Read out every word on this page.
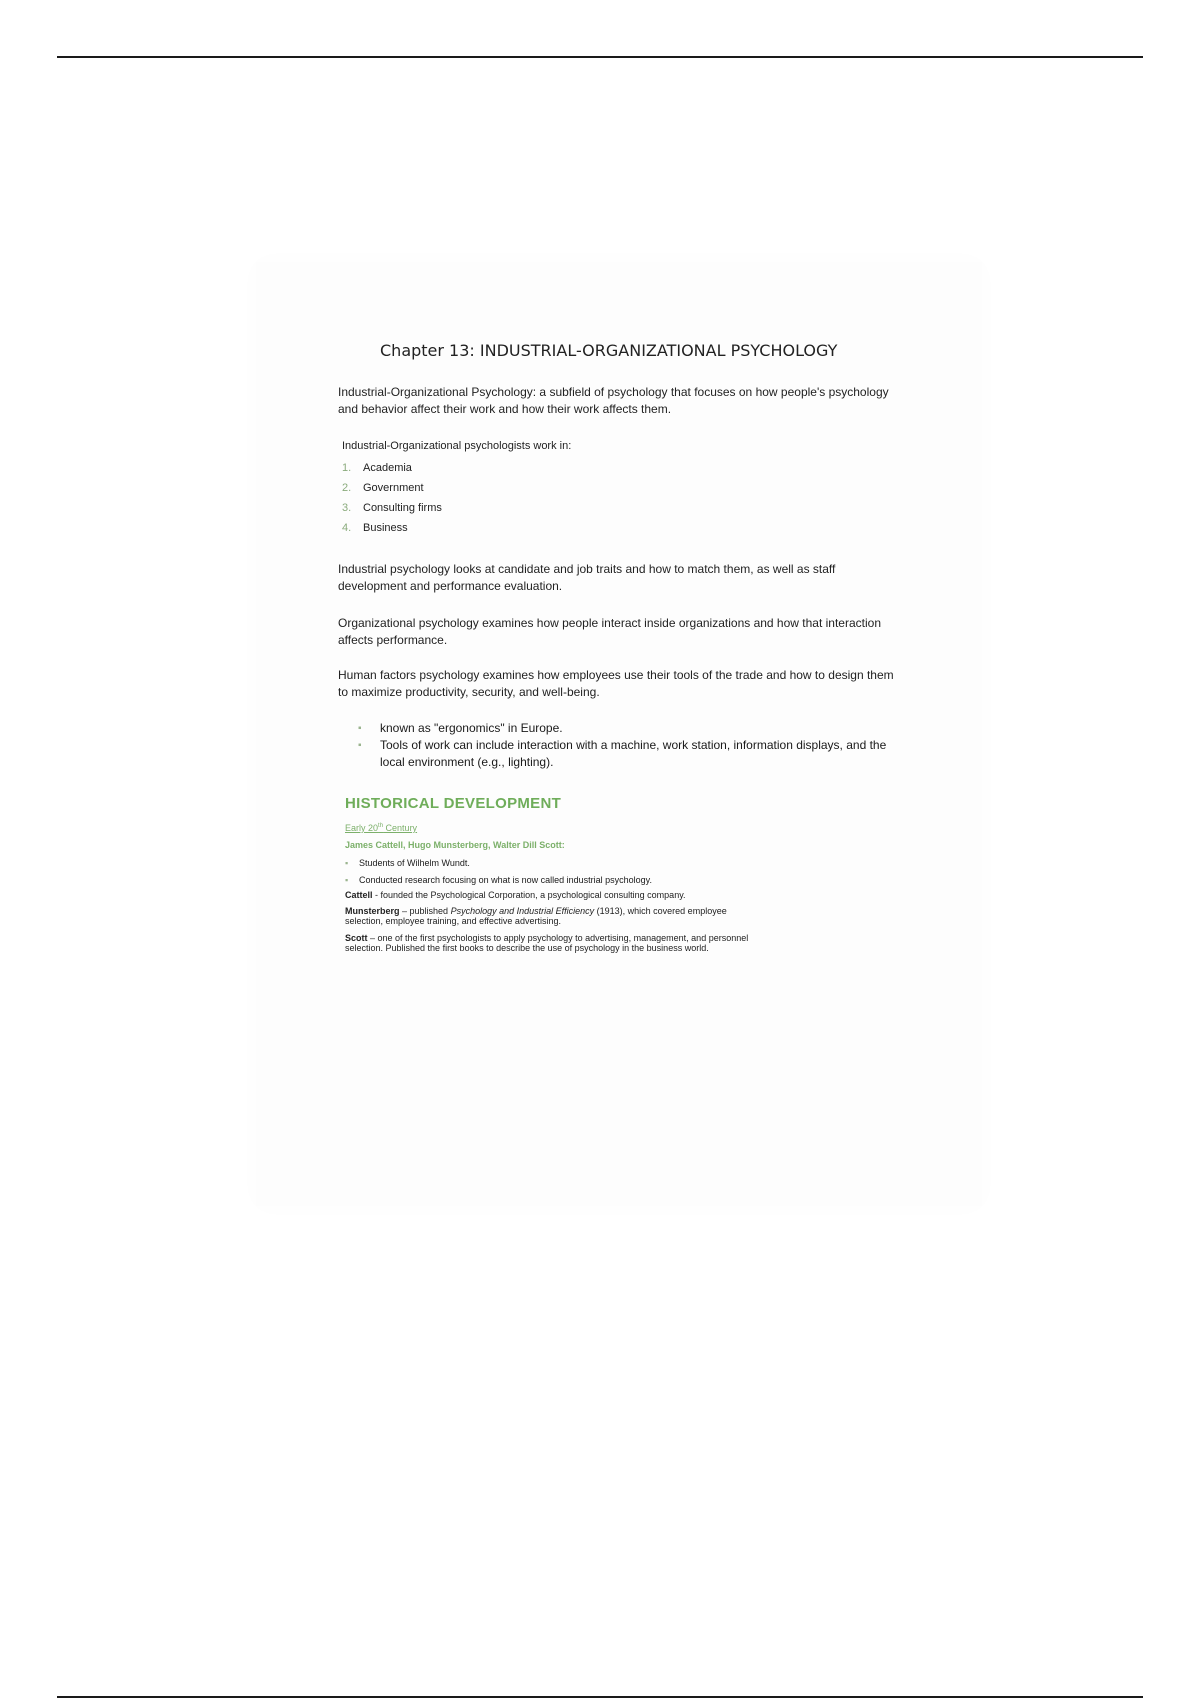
Chapter 13: INDUSTRIAL-ORGANIZATIONAL PSYCHOLOGY

Industrial-Organizational Psychology: a subfield of psychology that focuses on how people's psychology and behavior affect their work and how their work affects them.

Industrial-Organizational psychologists work in:

1.	Academia
2.	Government
3.	Consulting firms
4.	Business

Industrial psychology looks at candidate and job traits and how to match them, as well as staff development and performance evaluation.

Organizational psychology examines how people interact inside organizations and how that interaction affects performance.

Human factors psychology examines how employees use their tools of the trade and how to design them to maximize productivity, security, and well-being.

▪	known as "ergonomics" in Europe.
▪	Tools of work can include interaction with a machine, work station, information displays, and the local environment (e.g., lighting).
HISTORICAL DEVELOPMENT

Early 20th Century

James Cattell, Hugo Munsterberg, Walter Dill Scott:

▪	Students of Wilhelm Wundt.
▪	Conducted research focusing on what is now called industrial psychology.

Cattell - founded the Psychological Corporation, a psychological consulting company.

Munsterberg – published Psychology and Industrial Efficiency (1913), which covered employee selection, employee training, and effective advertising.

Scott – one of the first psychologists to apply psychology to advertising, management, and personnel selection. Published the first books to describe the use of psychology in the business world.
